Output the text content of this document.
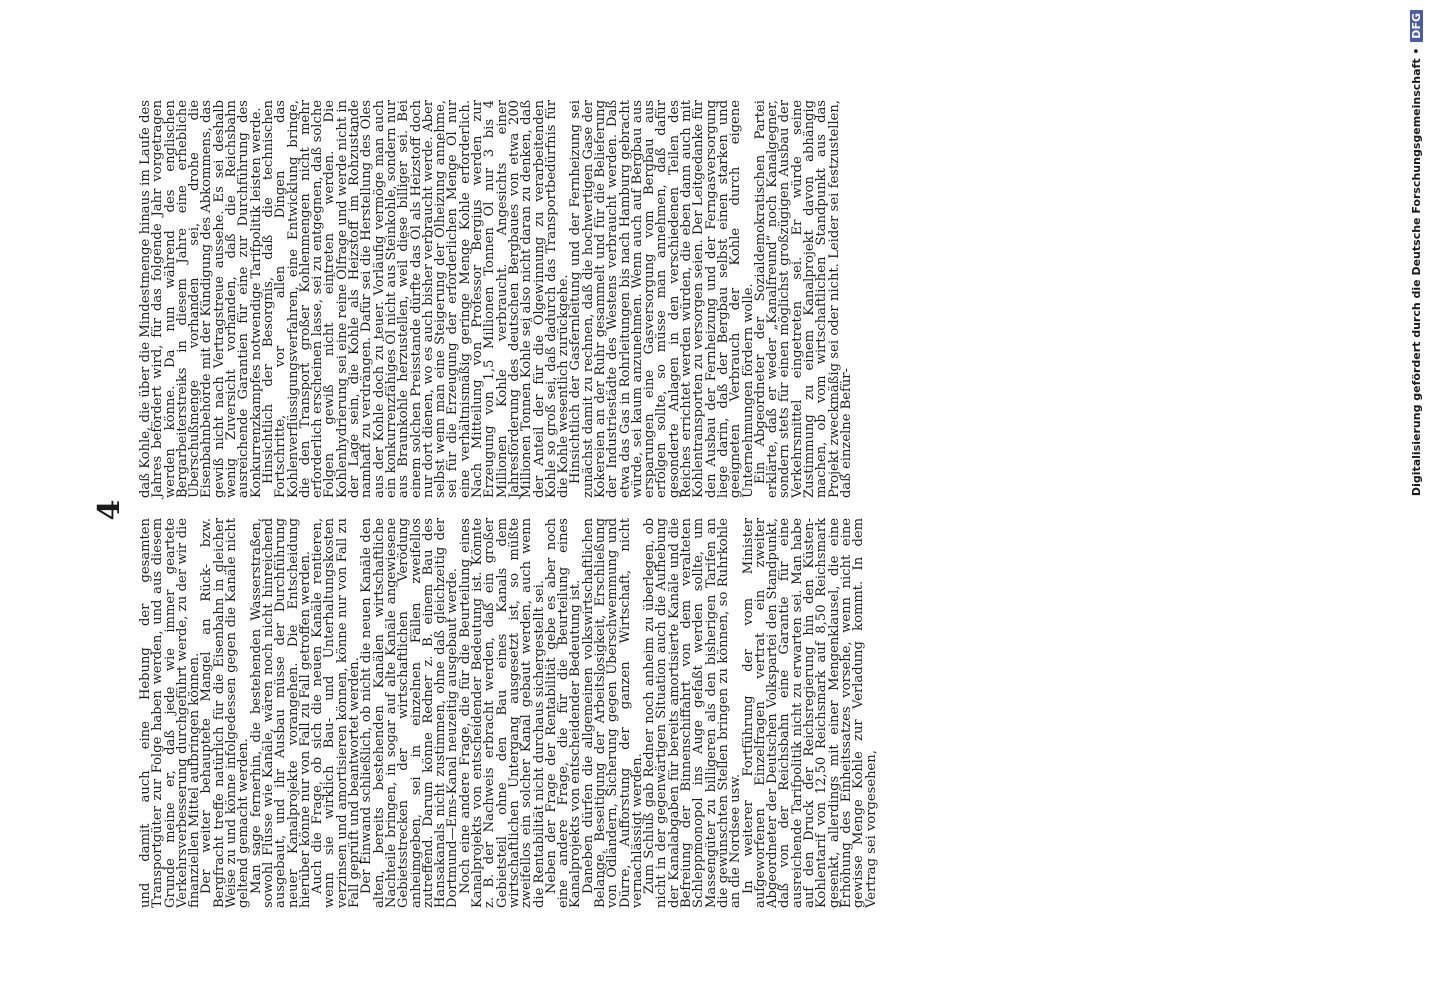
4

und damit auch eine Hebung der gesamten Transportgüter zur Folge haben werden, und aus diesem Grunde meine er, daß jede wie immer geartete Verkehrsverbesserung durchgeführt werde, zu der wir die finanziellen Mittel aufbringen können.

Der weiter behauptete Mangel an Rück- bzw. Bergfracht treffe natürlich für die Eisenbahn in gleicher Weise zu und könne infolgedessen gegen die Kanäle nicht geltend gemacht werden.

Man sage fernerhin, die bestehenden Wasserstraßen, sowohl Flüsse wie Kanäle, wären noch nicht hinreichend ausgebaut, und ihr Ausbau müsse der Durchführung neuer Kanalprojekte vorangehen. Die Entscheidung hierüber könne nur von Fall zu Fall getroffen werden.

Auch die Frage, ob sich die neuen Kanäle rentieren, wenn sie wirklich Bau- und Unterhaltungskosten verzinsen und amortisieren können, könne nur von Fall zu Fall geprüft und beantwortet werden.

Der Einwand schließlich, ob nicht die neuen Kanäle den alten, bereits bestehenden Kanälen wirtschaftliche Nachteile bringen, in sogar auf alte Kanäle angewiesene Gebietsstrecken der wirtschaftlichen Verödung anheimgeben, sei in einzelnen Fällen zweifellos zutreffend. Darum könne Redner z. B. einem Bau des Hansakanals nicht zustimmen, ohne daß gleichzeitig der Dortmund—Ems-Kanal neuzeitig ausgebaut werde.

Noch eine andere Frage, die für die Beurteilung eines Kanalprojekts von entscheidender Bedeutung ist. Könnte z. B. der Nachweis erbracht werden, daß ein großer Gebietsteil ohne den Bau eines Kanals dem wirtschaftlichen Untergang ausgesetzt ist, so müßte zweifellos ein solcher Kanal gebaut werden, auch wenn die Rentabilität nicht durchaus sichergestellt sei.

Neben der Frage der Rentabilität gebe es aber noch eine andere Frage, die für die Beurteilung eines Kanalprojekts von entscheidender Bedeutung ist.

Daneben dürfen die allgemeinen volkswirtschaftlichen Belange, Beseitigung der Arbeitslosigkeit, Erschließung von Ödländern, Sicherung gegen Überschwemmung und Dürre, Aufforstung der ganzen Wirtschaft, nicht vernachlässigt werden.

Zum Schluß gab Redner noch anheim zu überlegen, ob nicht in der gegenwärtigen Situation auch die Aufhebung der Kanalabgaben für bereits amortisierte Kanäle und die Befreiung der Binnenschiffahrt von dem veralteten Schleppmonopol ins Auge gefaßt werden sollte, um Massengüter zu billigeren als den bisherigen Tarifen an die gewünschten Stellen bringen zu können, so Ruhrkohle an die Nordsee usw.

In weiterer Fortführung der vom Minister aufgeworfenen Einzelfragen vertrat ein zweiter Abgeordneter der Deutschen Volkspartei den Standpunkt, daß von der Reichsbahn eine Garantie für eine ausreichende Tarifpolitik nicht zu erwarten sei. Man habe auf den Druck der Reichsregierung hin den Küsten-Kohlentarif von 12,50 Reichsmark auf 8,50 Reichsmark gesenkt, allerdings mit einer Mengenklausel, die eine Erhöhung des Einheitssatzes vorsehe, wenn nicht eine gewisse Menge Kohle zur Verladung kommt. In dem Vertrag sei vorgesehen,

daß Kohle, die über die Mindestmenge hinaus im Laufe des Jahres befördert wird, für das folgende Jahr vorgetragen werden könne. Da nun während des englischen Bergarbeiterstreiks in diesem Jahre eine erhebliche Überschußmenge vorhanden sei, drohe die Eisenbahnbehörde mit der Kündigung des Abkommens, das gewiß nicht nach Vertragstreue aussehe. Es sei deshalb wenig Zuversicht vorhanden, daß die Reichsbahn ausreichende Garantien für eine zur Durchführung des Konkurrenzkampfes notwendige Tarifpolitik leisten werde.

Hinsichtlich der Besorgnis, daß die technischen Fortschritte, vor allen Dingen das Kohlenverflüssigungsverfahren, eine Entwicklung bringe, die den Transport großer Kohlenmengen nicht mehr erforderlich erscheinen lasse, sei zu entgegnen, daß solche Folgen gewiß nicht eintreten werden. Die Kohlenhydrierung sei eine reine Ölfrage und werde nicht in der Lage sein, die Kohle als Heizstoff im Rohzustande namhaft zu verdrängen. Dafür sei die Herstellung des Öles aus der Kohle doch zu teuer. Vorläufig vermöge man auch ein konkurrenzfähiges Öl nicht aus Steinkohle, sondern nur aus Braunkohle herzustellen, weil diese billiger sei. Bei einem solchen Preisstande dürfte das Öl als Heizstoff doch nur dort dienen, wo es auch bisher verbraucht werde. Aber selbst wenn man eine Steigerung der Ölheizung annehme, sei für die Erzeugung der erforderlichen Menge Öl nur eine verhältnismäßig geringe Menge Kohle erforderlich. Nach Mitteilung von Professor Bergius werden zur Erzeugung von 1,5 Millionen Tonnen Öl nur 3 bis 4 Millionen Kohle verbraucht. Angesichts einer Jahresförderung des deutschen Bergbaues von etwa 200 Millionen Tonnen Kohle sei also nicht daran zu denken, daß der Anteil der für die Ölgewinnung zu verarbeitenden Kohle so groß sei, daß dadurch das Transportbedürfnis für die Kohle wesentlich zurückgehe.

Hinsichtlich der Gasfernleitung und der Fernheizung sei zunächst damit zu rechnen, daß die hochwertigen Gase der Kokereien an der Ruhr gesammelt und für die Belieferung der Industriestädte des Westens verbraucht werden. Daß etwa das Gas in Rohrleitungen bis nach Hamburg gebracht würde, sei kaum anzunehmen. Wenn auch auf Bergbau aus ersparungen eine Gasversorgung vom Bergbau aus erfolgen sollte, so müsse man annehmen, daß dafür gesonderte Anlagen in den verschiedenen Teilen des Reiches errichtet werden würden, die eben dann auch mit Kohlentransporten zu versorgen seien. Der Leitgedanke für den Ausbau der Fernheizung und der Ferngasversorgung liege darin, daß der Bergbau selbst einen starken und geeigneten Verbrauch der Kohle durch eigene Unternehmungen fördern wolle.

Ein Abgeordneter der Sozialdemokratischen Partei erklärte, daß er weder „Kanalfreund“ noch Kanalgegner, sondern stets für einen möglichst großzügigen Ausbau der Verkehrsmittel eingetreten sei. Er würde seine Zustimmung zu einem Kanalprojekt davon abhängig machen, ob vom wirtschaftlichen Standpunkt aus das Projekt zweckmäßig sei oder nicht. Leider sei festzustellen, daß einzelne Befür-	Digitalisierung gefördert durch die Deutsche Forschungsgemeinschaft • DFG
